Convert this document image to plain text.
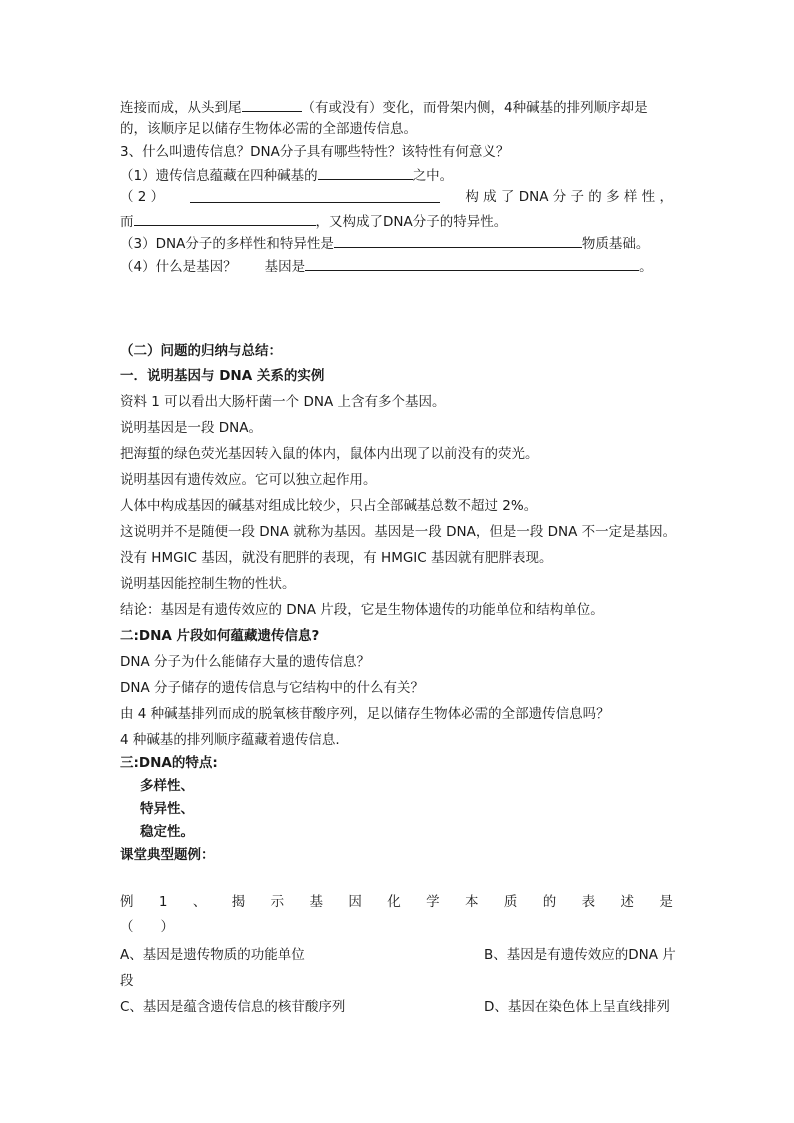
连接而成，从头到尾	（有或没有）变化，而骨架内侧，4种碱基的排列顺序却是
的，该顺序足以储存生物体必需的全部遗传信息。
3、什么叫遗传信息？DNA分子具有哪些特性？该特性有何意义？
（1）遗传信息蕴藏在四种碱基的	之中。
（ 2 ）	构 成 了 DNA 分 子 的 多 样 性 ，
而	，又构成了DNA分子的特异性。
（3）DNA分子的多样性和特异性是	物质基础。
（4）什么是基因？ 基因是	。
（二）问题的归纳与总结：
一．说明基因与 DNA 关系的实例
资料 1 可以看出大肠杆菌一个 DNA 上含有多个基因。
说明基因是一段 DNA。
把海蜇的绿色荧光基因转入鼠的体内，鼠体内出现了以前没有的荧光。
说明基因有遗传效应。它可以独立起作用。
人体中构成基因的碱基对组成比较少，只占全部碱基总数不超过 2%。
这说明并不是随便一段 DNA 就称为基因。基因是一段 DNA，但是一段 DNA 不一定是基因。
没有 HMGIC 基因，就没有肥胖的表现，有 HMGIC 基因就有肥胖表现。
说明基因能控制生物的性状。
结论：基因是有遗传效应的 DNA 片段，它是生物体遗传的功能单位和结构单位。
二:DNA 片段如何蕴藏遗传信息?
DNA 分子为什么能储存大量的遗传信息？
DNA 分子储存的遗传信息与它结构中的什么有关？
由 4 种碱基排列而成的脱氧核苷酸序列，足以储存生物体必需的全部遗传信息吗？
4 种碱基的排列顺序蕴藏着遗传信息.
三:DNA的特点:
多样性、
特异性、
稳定性。
课堂典型题例：
例 1 、 揭 示 基 因 化 学 本 质 的 表 述 是
（　　）
A、基因是遗传物质的功能单位	B、基因是有遗传效应的DNA 片
段
C、基因是蕴含遗传信息的核苷酸序列	D、基因在染色体上呈直线排列
